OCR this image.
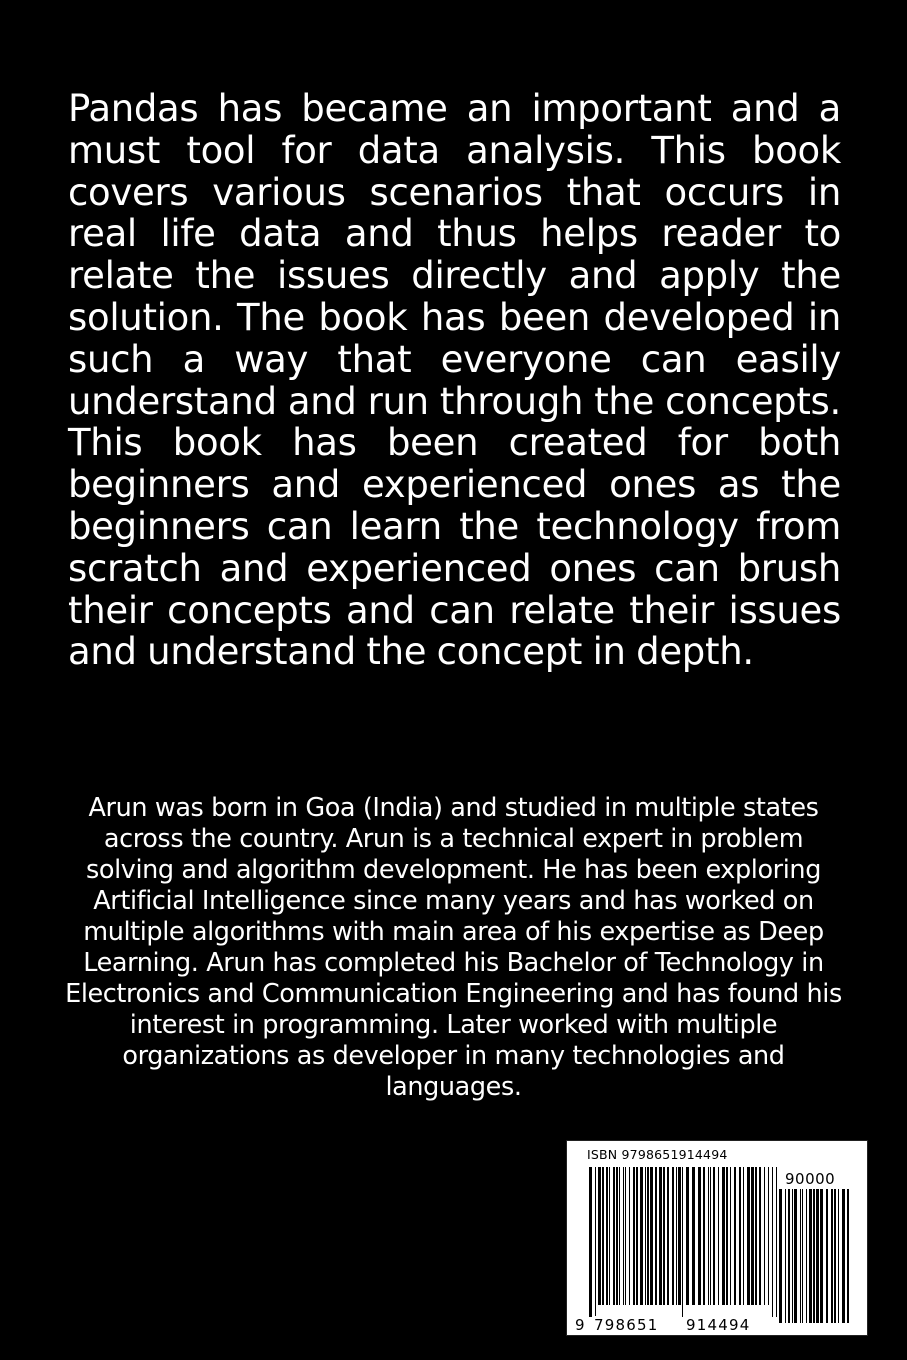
Pandas has became an important and a must tool for data analysis. This book covers various scenarios that occurs in real life data and thus helps reader to relate the issues directly and apply the solution. The book has been developed in such a way that everyone can easily understand and run through the concepts. This book has been created for both beginners and experienced ones as the beginners can learn the technology from scratch and experienced ones can brush their concepts and can relate their issues and understand the concept in depth.

Arun was born in Goa (India) and studied in multiple states across the country. Arun is a technical expert in problem solving and algorithm development. He has been exploring Artificial Intelligence since many years and has worked on multiple algorithms with main area of his expertise as Deep Learning. Arun has completed his Bachelor of Technology in Electronics and Communication Engineering and has found his interest in programming. Later worked with multiple organizations as developer in many technologies and languages.

ISBN 9798651914494
90000
9 798651 914494
